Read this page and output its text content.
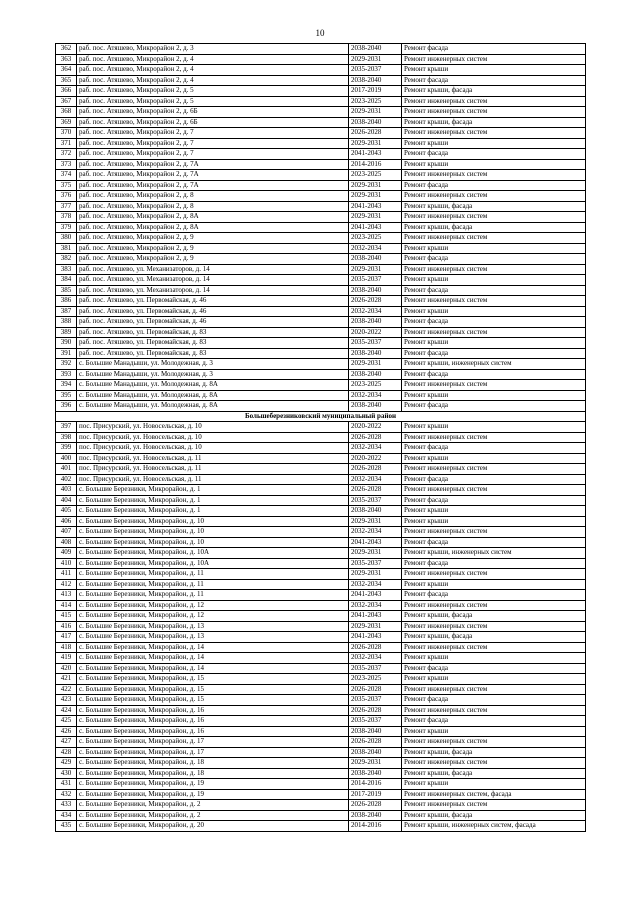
10
362	раб. пос. Атяшево, Микрорайон 2, д. 3	2038-2040	Ремонт фасада
363	раб. пос. Атяшево, Микрорайон 2, д. 4	2029-2031	Ремонт инженерных систем
364	раб. пос. Атяшево, Микрорайон 2, д. 4	2035-2037	Ремонт крыши
365	раб. пос. Атяшево, Микрорайон 2, д. 4	2038-2040	Ремонт фасада
366	раб. пос. Атяшево, Микрорайон 2, д. 5	2017-2019	Ремонт крыши, фасада
367	раб. пос. Атяшево, Микрорайон 2, д. 5	2023-2025	Ремонт инженерных систем
368	раб. пос. Атяшево, Микрорайон 2, д. 6Б	2029-2031	Ремонт инженерных систем
369	раб. пос. Атяшево, Микрорайон 2, д. 6Б	2038-2040	Ремонт крыши, фасада
370	раб. пос. Атяшево, Микрорайон 2, д. 7	2026-2028	Ремонт инженерных систем
371	раб. пос. Атяшево, Микрорайон 2, д. 7	2029-2031	Ремонт крыши
372	раб. пос. Атяшево, Микрорайон 2, д. 7	2041-2043	Ремонт фасада
373	раб. пос. Атяшево, Микрорайон 2, д. 7А	2014-2016	Ремонт крыши
374	раб. пос. Атяшево, Микрорайон 2, д. 7А	2023-2025	Ремонт инженерных систем
375	раб. пос. Атяшево, Микрорайон 2, д. 7А	2029-2031	Ремонт фасада
376	раб. пос. Атяшево, Микрорайон 2, д. 8	2029-2031	Ремонт инженерных систем
377	раб. пос. Атяшево, Микрорайон 2, д. 8	2041-2043	Ремонт крыши, фасада
378	раб. пос. Атяшево, Микрорайон 2, д. 8А	2029-2031	Ремонт инженерных систем
379	раб. пос. Атяшево, Микрорайон 2, д. 8А	2041-2043	Ремонт крыши, фасада
380	раб. пос. Атяшево, Микрорайон 2, д. 9	2023-2025	Ремонт инженерных систем
381	раб. пос. Атяшево, Микрорайон 2, д. 9	2032-2034	Ремонт крыши
382	раб. пос. Атяшево, Микрорайон 2, д. 9	2038-2040	Ремонт фасада
383	раб. пос. Атяшево, ул. Механизаторов, д. 14	2029-2031	Ремонт инженерных систем
384	раб. пос. Атяшево, ул. Механизаторов, д. 14	2035-2037	Ремонт крыши
385	раб. пос. Атяшево, ул. Механизаторов, д. 14	2038-2040	Ремонт фасада
386	раб. пос. Атяшево, ул. Первомайская, д. 46	2026-2028	Ремонт инженерных систем
387	раб. пос. Атяшево, ул. Первомайская, д. 46	2032-2034	Ремонт крыши
388	раб. пос. Атяшево, ул. Первомайская, д. 46	2038-2040	Ремонт фасада
389	раб. пос. Атяшево, ул. Первомайская, д. 83	2020-2022	Ремонт инженерных систем
390	раб. пос. Атяшево, ул. Первомайская, д. 83	2035-2037	Ремонт крыши
391	раб. пос. Атяшево, ул. Первомайская, д. 83	2038-2040	Ремонт фасада
392	с. Большие Манадыши, ул. Молодежная, д. 3	2029-2031	Ремонт крыши, инженерных систем
393	с. Большие Манадыши, ул. Молодежная, д. 3	2038-2040	Ремонт фасада
394	с. Большие Манадыши, ул. Молодежная, д. 8А	2023-2025	Ремонт инженерных систем
395	с. Большие Манадыши, ул. Молодежная, д. 8А	2032-2034	Ремонт крыши
396	с. Большие Манадыши, ул. Молодежная, д. 8А	2038-2040	Ремонт фасада
Большеберезниковский муниципальный район			
397	пос. Присурский, ул. Новосельская, д. 10	2020-2022	Ремонт крыши
398	пос. Присурский, ул. Новосельская, д. 10	2026-2028	Ремонт инженерных систем
399	пос. Присурский, ул. Новосельская, д. 10	2032-2034	Ремонт фасада
400	пос. Присурский, ул. Новосельская, д. 11	2020-2022	Ремонт крыши
401	пос. Присурский, ул. Новосельская, д. 11	2026-2028	Ремонт инженерных систем
402	пос. Присурский, ул. Новосельская, д. 11	2032-2034	Ремонт фасада
403	с. Большие Березники, Микрорайон, д. 1	2026-2028	Ремонт инженерных систем
404	с. Большие Березники, Микрорайон, д. 1	2035-2037	Ремонт фасада
405	с. Большие Березники, Микрорайон, д. 1	2038-2040	Ремонт крыши
406	с. Большие Березники, Микрорайон, д. 10	2029-2031	Ремонт крыши
407	с. Большие Березники, Микрорайон, д. 10	2032-2034	Ремонт инженерных систем
408	с. Большие Березники, Микрорайон, д. 10	2041-2043	Ремонт фасада
409	с. Большие Березники, Микрорайон, д. 10А	2029-2031	Ремонт крыши, инженерных систем
410	с. Большие Березники, Микрорайон, д. 10А	2035-2037	Ремонт фасада
411	с. Большие Березники, Микрорайон, д. 11	2029-2031	Ремонт инженерных систем
412	с. Большие Березники, Микрорайон, д. 11	2032-2034	Ремонт крыши
413	с. Большие Березники, Микрорайон, д. 11	2041-2043	Ремонт фасада
414	с. Большие Березники, Микрорайон, д. 12	2032-2034	Ремонт инженерных систем
415	с. Большие Березники, Микрорайон, д. 12	2041-2043	Ремонт крыши, фасада
416	с. Большие Березники, Микрорайон, д. 13	2029-2031	Ремонт инженерных систем
417	с. Большие Березники, Микрорайон, д. 13	2041-2043	Ремонт крыши, фасада
418	с. Большие Березники, Микрорайон, д. 14	2026-2028	Ремонт инженерных систем
419	с. Большие Березники, Микрорайон, д. 14	2032-2034	Ремонт крыши
420	с. Большие Березники, Микрорайон, д. 14	2035-2037	Ремонт фасада
421	с. Большие Березники, Микрорайон, д. 15	2023-2025	Ремонт крыши
422	с. Большие Березники, Микрорайон, д. 15	2026-2028	Ремонт инженерных систем
423	с. Большие Березники, Микрорайон, д. 15	2035-2037	Ремонт фасада
424	с. Большие Березники, Микрорайон, д. 16	2026-2028	Ремонт инженерных систем
425	с. Большие Березники, Микрорайон, д. 16	2035-2037	Ремонт фасада
426	с. Большие Березники, Микрорайон, д. 16	2038-2040	Ремонт крыши
427	с. Большие Березники, Микрорайон, д. 17	2026-2028	Ремонт инженерных систем
428	с. Большие Березники, Микрорайон, д. 17	2038-2040	Ремонт крыши, фасада
429	с. Большие Березники, Микрорайон, д. 18	2029-2031	Ремонт инженерных систем
430	с. Большие Березники, Микрорайон, д. 18	2038-2040	Ремонт крыши, фасада
431	с. Большие Березники, Микрорайон, д. 19	2014-2016	Ремонт крыши
432	с. Большие Березники, Микрорайон, д. 19	2017-2019	Ремонт инженерных систем, фасада
433	с. Большие Березники, Микрорайон, д. 2	2026-2028	Ремонт инженерных систем
434	с. Большие Березники, Микрорайон, д. 2	2038-2040	Ремонт крыши, фасада
435	с. Большие Березники, Микрорайон, д. 20	2014-2016	Ремонт крыши, инженерных систем, фасада
